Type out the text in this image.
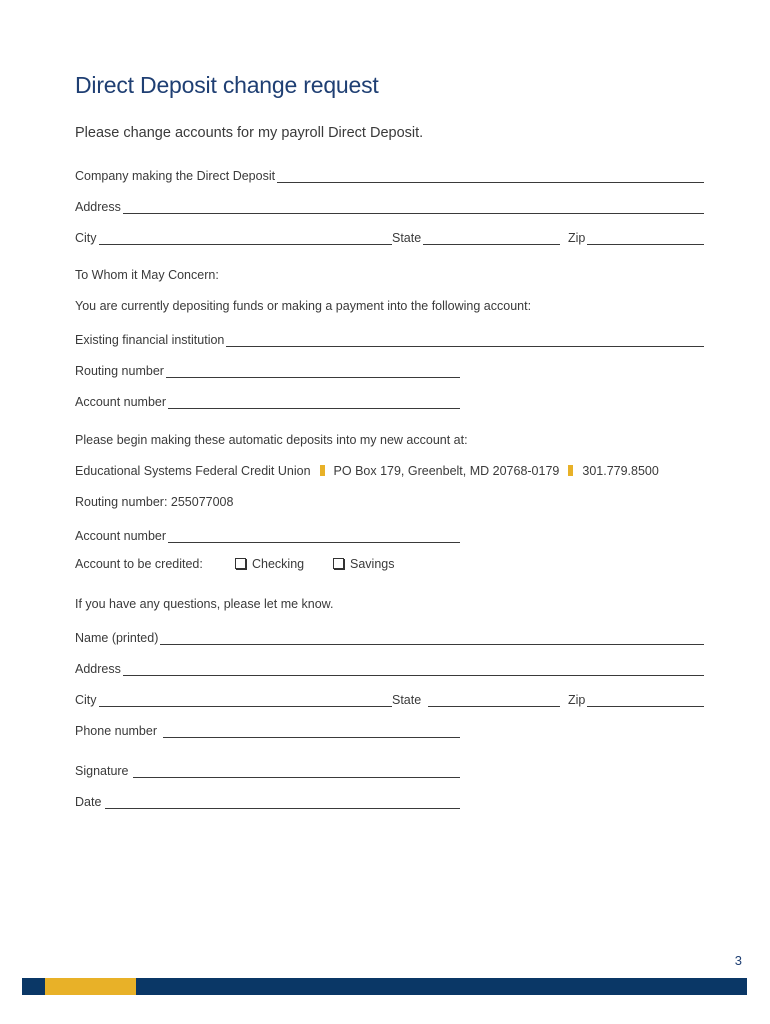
Direct Deposit change request
Please change accounts for my payroll Direct Deposit.
Company making the Direct Deposit
Address
City	State	Zip
To Whom it May Concern:
You are currently depositing funds or making a payment into the following account:
Existing financial institution
Routing number
Account number
Please begin making these automatic deposits into my new account at:
Educational Systems Federal Credit Union PO Box 179, Greenbelt, MD 20768-0179 301.779.8500
Routing number: 255077008
Account number
Account to be credited:	Checking	Savings
If you have any questions, please let me know.
Name (printed)
Address
City	State	Zip
Phone number
Signature
Date
3
